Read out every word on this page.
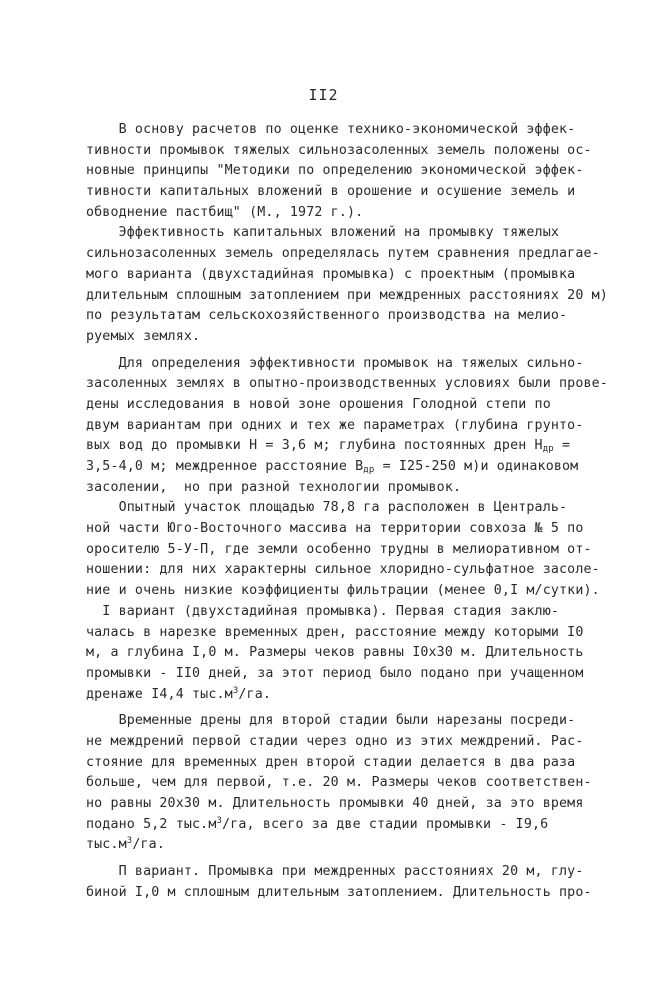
II2
В основу расчетов по оценке технико-экономической эффек-
тивности промывок тяжелых сильнозасоленных земель положены ос-
новные принципы "Методики по определению экономической эффек-
тивности капитальных вложений в орошение и осушение земель и
обводнение пастбищ" (М., 1972 г.).
Эффективность капитальных вложений на промывку тяжелых
сильнозасоленных земель определялась путем сравнения предлагае-
мого варианта (двухстадийная промывка) с проектным (промывка
длительным сплошным затоплением при междренных расстояниях 20 м)
по результатам сельскохозяйственного производства на мелио-
руемых землях.
Для определения эффективности промывок на тяжелых сильно-
засоленных землях в опытно-производственных условиях были прове-
дены исследования в новой зоне орошения Голодной степи по
двум вариантам при одних и тех же параметрах (глубина грунто-
вых вод до промывки Н = 3,6 м; глубина постоянных дрен $Н_{др}$ =
3,5-4,0 м; междренное расстояние $В_{др} = I25-250$ м)и одинаковом
засолении,  но при разной технологии промывок.
Опытный участок площадью 78,8 га расположен в Централь-
ной части Юго-Восточного массива на территории совхоза № 5 по
оросителю 5-У-П, где земли особенно трудны в мелиоративном от-
ношении: для них характерны сильное хлоридно-сульфатное засоле-
ние и очень низкие коэффициенты фильтрации (менее 0,I м/сутки).
I вариант (двухстадийная промывка). Первая стадия заклю-
чалась в нарезке временных дрен, расстояние между которыми I0
м, а глубина I,0 м. Размеры чеков равны I0х30 м. Длительность
промывки - II0 дней, за этот период было подано при учащенном
дренаже I4,4 $тыс.м^3/га$.
Временные дрены для второй стадии были нарезаны посреди-
не междрений первой стадии через одно из этих междрений. Рас-
стояние для временных дрен второй стадии делается в два раза
больше, чем для первой, т.е. 20 м. Размеры чеков соответствен-
но равны 20х30 м. Длительность промывки 40 дней, за это время
подано 5,2 $тыс.м^3/га$, всего за две стадии промывки - I9,6
$тыс.м^3/га$.
П вариант. Промывка при междренных расстояниях 20 м, глу-
биной I,0 м сплошным длительным затоплением. Длительность про-
